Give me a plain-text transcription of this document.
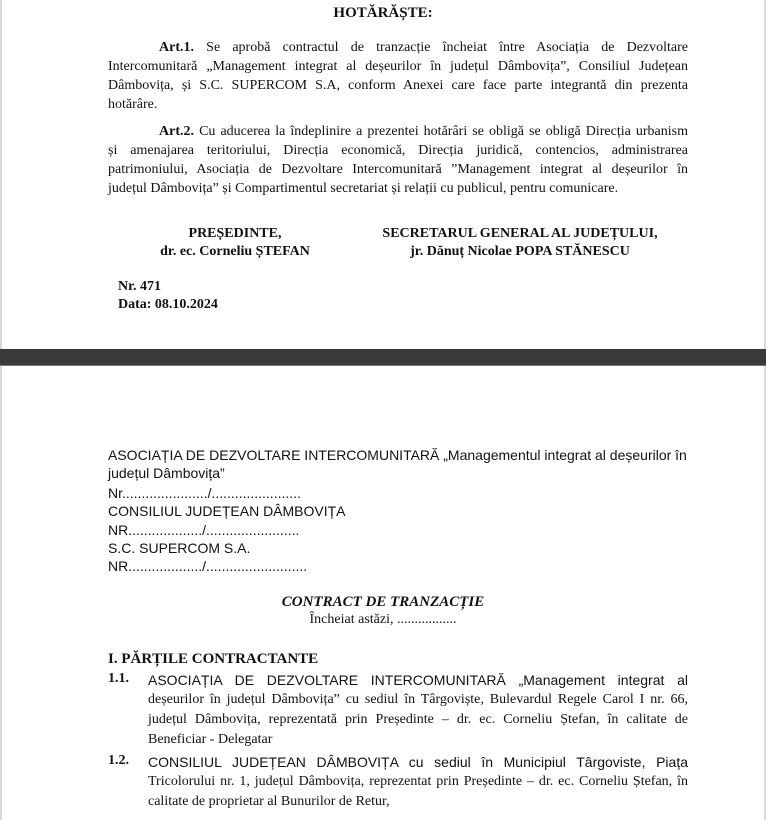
HOTĂRĂȘTE:
Art.1. Se aprobă contractul de tranzacție încheiat între Asociația de Dezvoltare
Intercomunitară „Management integrat al deșeurilor în județul Dâmbovița”, Consiliul Județean
Dâmbovița, și S.C. SUPERCOM S.A, conform Anexei care face parte integrantă din prezenta
hotărâre.
Art.2. Cu aducerea la îndeplinire a prezentei hotărâri se obligă se obligă Direcția urbanism
și amenajarea teritoriului, Direcția economică, Direcția juridică, contencios, administrarea
patrimoniului, Asociația de Dezvoltare Intercomunitară ”Management integrat al deșeurilor în
județul Dâmbovița” și Compartimentul secretariat și relații cu publicul, pentru comunicare.
PREȘEDINTE,
dr. ec. Corneliu ȘTEFAN
SECRETARUL GENERAL AL JUDEȚULUI,
jr. Dănuț Nicolae POPA STĂNESCU
Nr. 471
Data: 08.10.2024
ASOCIAȚIA DE DEZVOLTARE INTERCOMUNITARĂ „Managementul integrat al deșeurilor în
județul Dâmbovița”
Nr....................../.......................
CONSILIUL JUDEȚEAN DÂMBOVIȚA
NR.................../........................
S.C. SUPERCOM S.A.
NR.................../..........................
CONTRACT DE TRANZACȚIE
Încheiat astăzi, .................
I. PĂRȚILE CONTRACTANTE
1.1. ASOCIAȚIA DE DEZVOLTARE INTERCOMUNITARĂ „Management integrat al
deșeurilor în județul Dâmbovița” cu sediul în Târgoviște, Bulevardul Regele Carol I nr. 66,
județul Dâmbovița, reprezentată prin Președinte – dr. ec. Corneliu Ștefan, în calitate de
Beneficiar - Delegatar
1.2. CONSILIUL JUDEȚEAN DÂMBOVIȚA cu sediul în Municipiul Târgoviste, Piața
Tricolorului nr. 1, județul Dâmbovița, reprezentat prin Președinte – dr. ec. Corneliu Ștefan, în
calitate de proprietar al Bunurilor de Retur,
